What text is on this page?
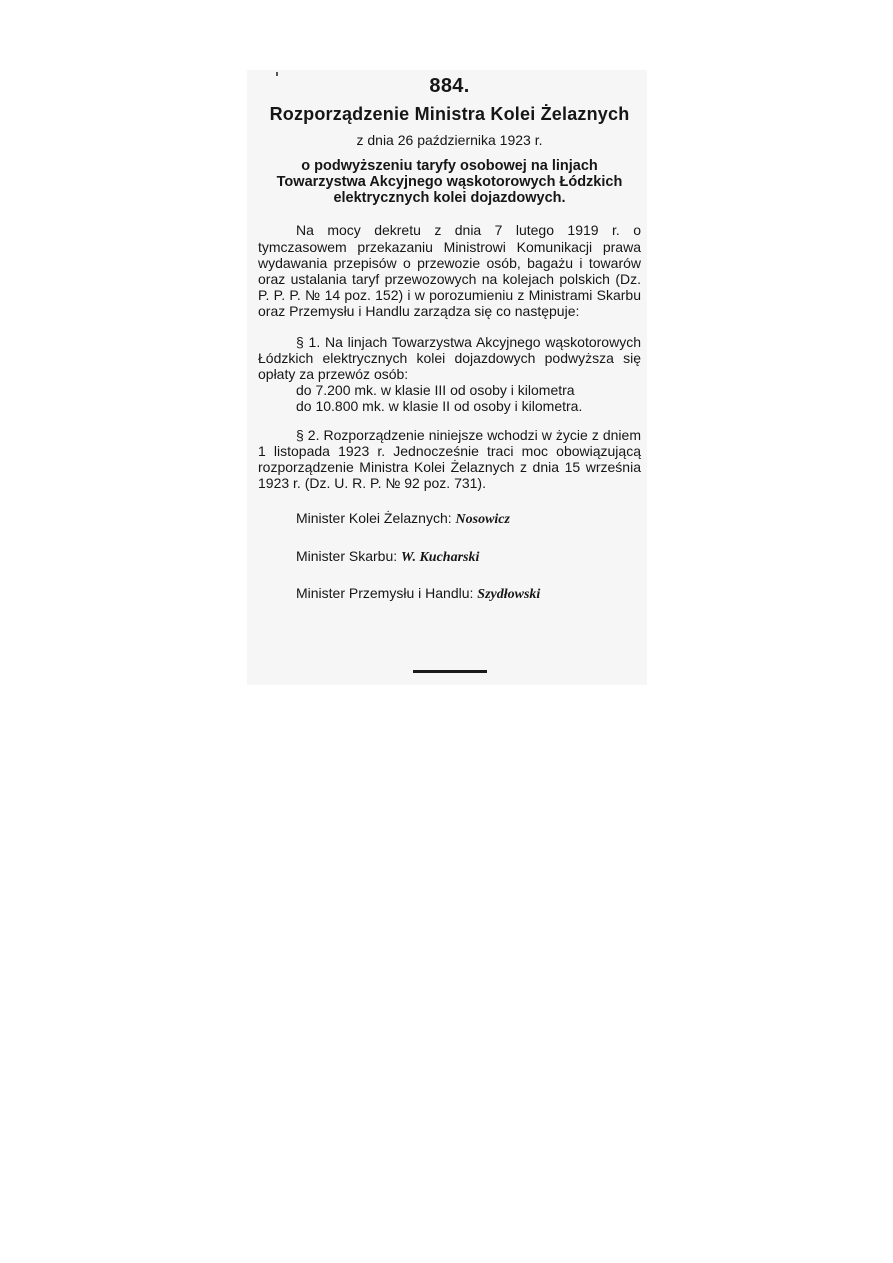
884.
Rozporządzenie Ministra Kolei Żelaznych
z dnia 26 października 1923 r.
o podwyższeniu taryfy osobowej na linjach Towarzystwa Akcyjnego wąskotorowych Łódzkich elektrycznych kolei dojazdowych.

Na mocy dekretu z dnia 7 lutego 1919 r. o tymczasowem przekazaniu Ministrowi Komunikacji prawa wydawania przepisów o przewozie osób, bagażu i towarów oraz ustalania taryf przewozowych na kolejach polskich (Dz. P. P. P. № 14 poz. 152) i w porozumieniu z Ministrami Skarbu oraz Przemysłu i Handlu zarządza się co następuje:

§ 1. Na linjach Towarzystwa Akcyjnego wąskotorowych Łódzkich elektrycznych kolei dojazdowych podwyższa się opłaty za przewóz osób:

do 7.200 mk. w klasie III od osoby i kilometra
do 10.800 mk. w klasie II od osoby i kilometra.

§ 2. Rozporządzenie niniejsze wchodzi w życie z dniem 1 listopada 1923 r. Jednocześnie traci moc obowiązującą rozporządzenie Ministra Kolei Żelaznych z dnia 15 września 1923 r. (Dz. U. R. P. № 92 poz. 731).

Minister Kolei Żelaznych: Nosowicz
Minister Skarbu: W. Kucharski
Minister Przemysłu i Handlu: Szydłowski
